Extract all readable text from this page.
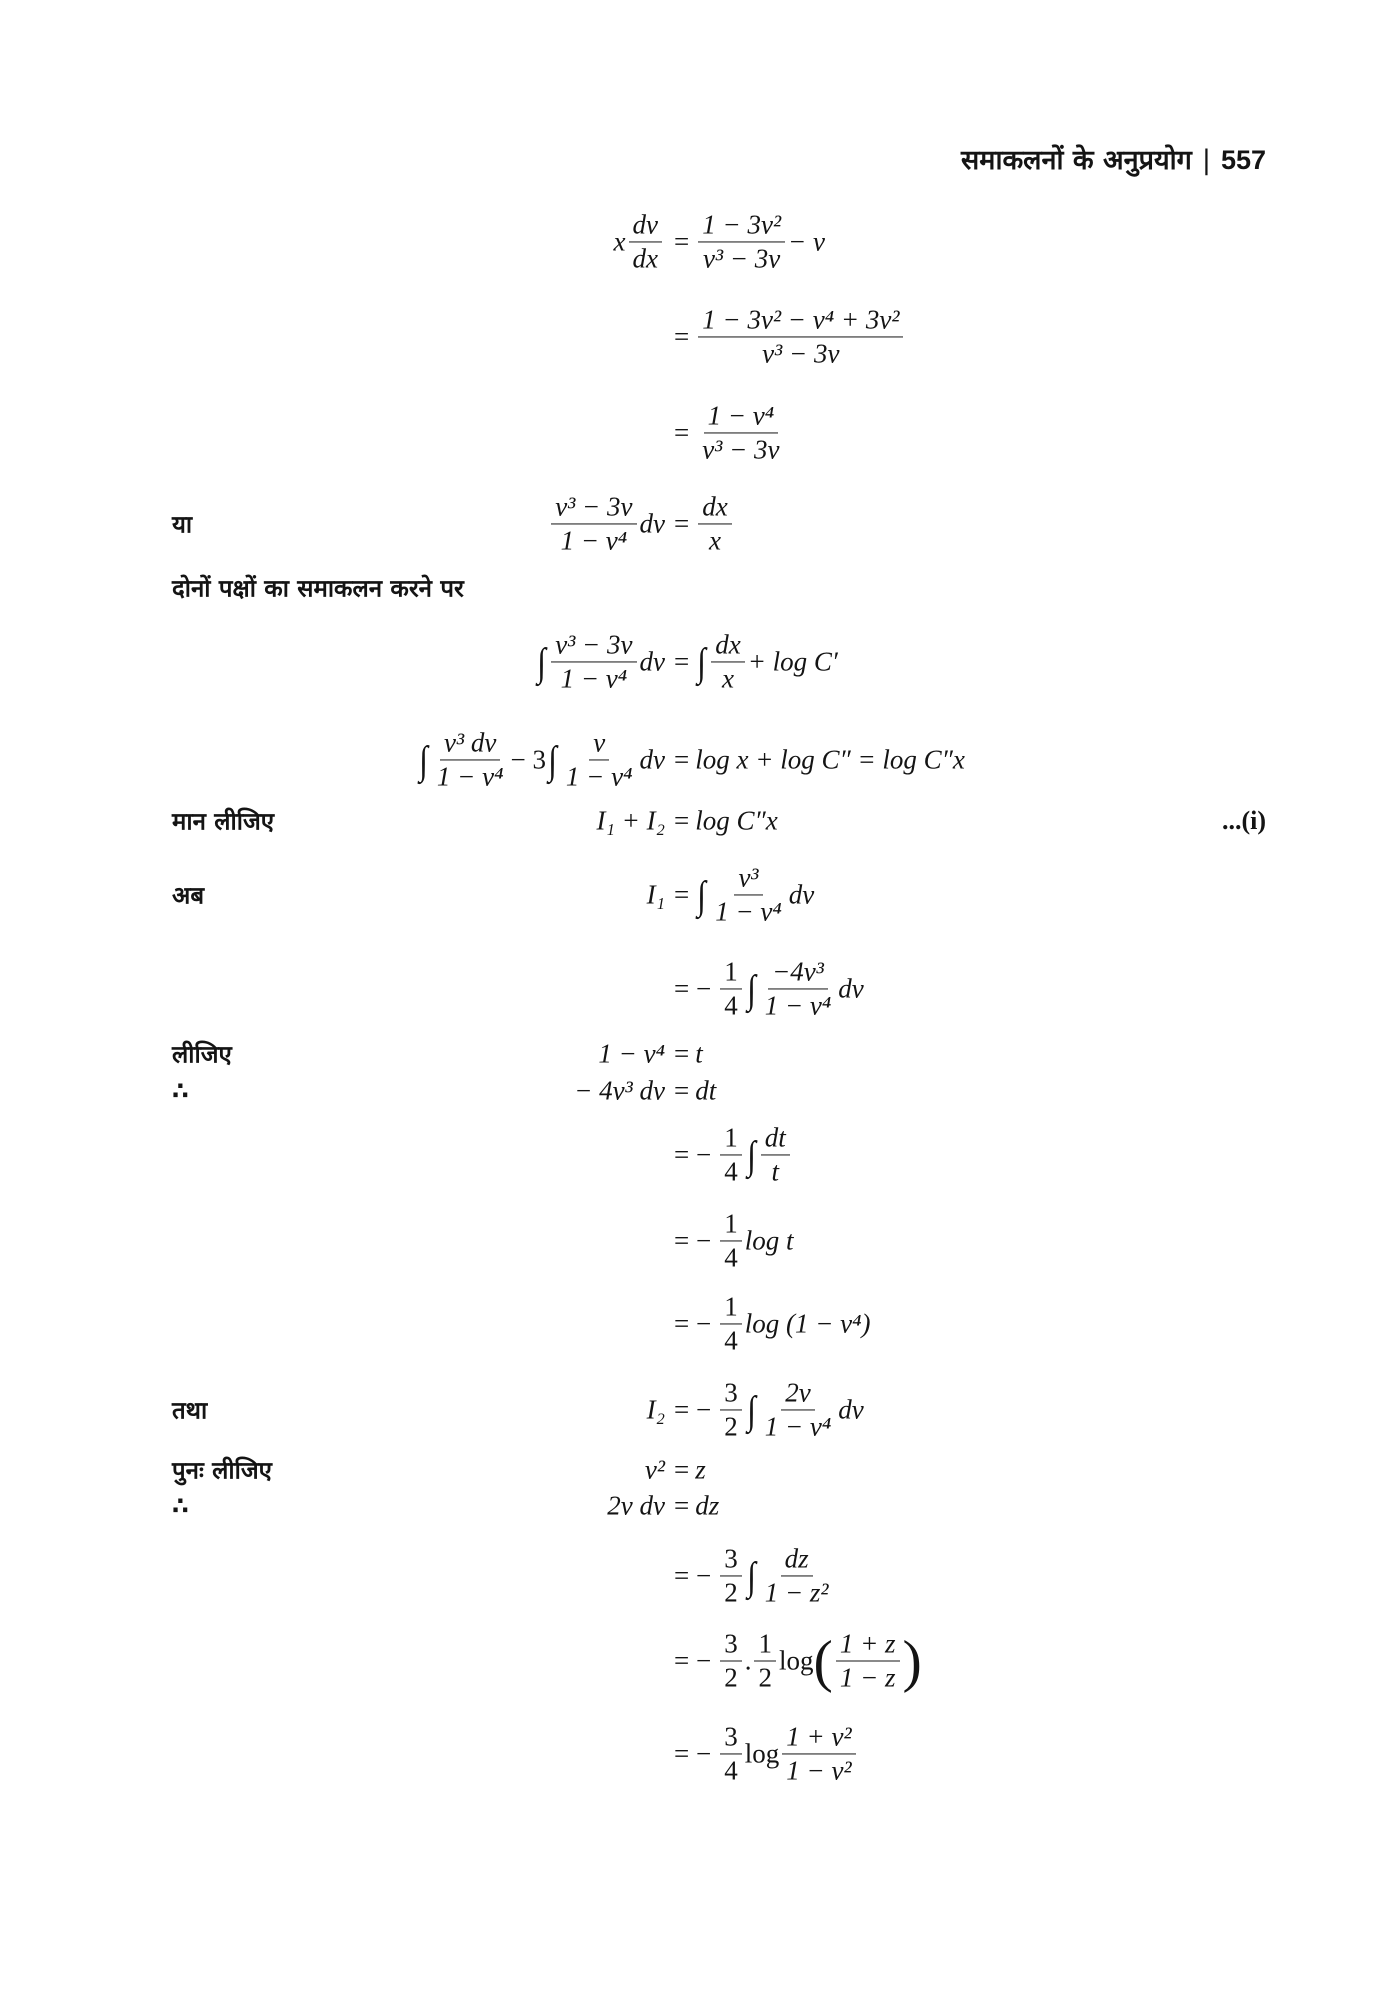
समाकलनों के अनुप्रयोग | 557
x $\frac{dv}{dx} = \frac{\text{1 − 3v²}}{\text{v³ − 3v}} - v$
= $\frac{\text{1 − 3v² − v⁴ + 3v²}}{\text{v³ − 3v}}$
= $\frac{\text{1 − v⁴}}{\text{v³ − 3v}}$
या	$\frac{\text{v³ − 3v}}{\text{1 − v⁴}}$ dv = $\frac{dx}{x}$
दोनों पक्षों का समाकलन करने पर
∫ $\frac{\text{v³ − 3v}}{\text{1 − v⁴}}$ dv = ∫ $\frac{dx}{x} + \log C'$
∫ $\frac{\text{v³ dv}}{\text{1 − v⁴}} - 3$ ∫ $\frac{v}{\text{1 − v⁴}}$ dv = log x + log C″ = log C″x
मान लीजिए	I₁ + I₂ = log C″x	...(i)
अब	I₁ = ∫ $\frac{\text{v³}}{\text{1 − v⁴}}$ dv
= − $\frac{1}{4}$ ∫ $\frac{\text{−4v³}}{\text{1 − v⁴}}$ dv
लीजिए	1 − v⁴ = t
∴	− 4v³ dv = dt
= − $\frac{1}{4}$ ∫ $\frac{dt}{t}$
= − $\frac{1}{4}$ log t
= − $\frac{1}{4}$ log (1 − v⁴)
तथा	I₂ = − $\frac{3}{2}$ ∫ $\frac{2v}{\text{1 − v⁴}}$ dv
पुनः लीजिए	v² = z
∴	2v dv = dz
= − $\frac{3}{2}$ ∫ $\frac{dz}{\text{1 − z²}}$
= − $\frac{3}{2}$ . $\frac{1}{2}$ log ( $\frac{1 + z}{1 - z}$ )
= − $\frac{3}{4}$ $\log \frac{\text{1 + v²}}{\text{1 − v²}}$
